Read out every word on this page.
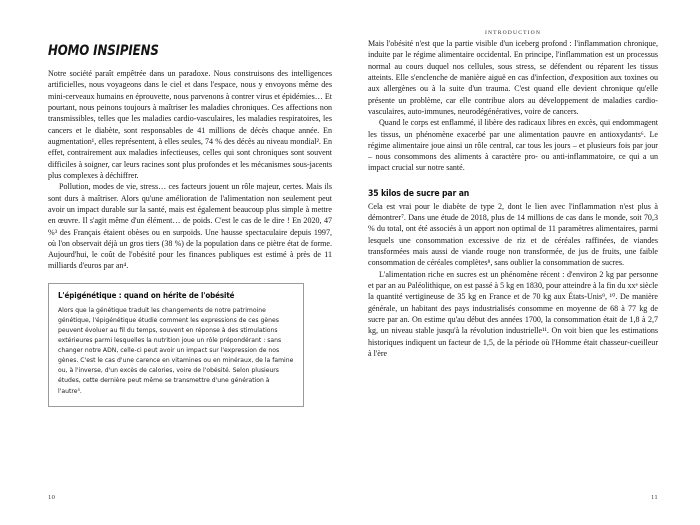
HOMO INSIPIENS

Notre société paraît empêtrée dans un paradoxe. Nous construisons des intelligences artificielles, nous voyageons dans le ciel et dans l'espace, nous y envoyons même des mini-cerveaux humains en éprouvette, nous parvenons à contrer virus et épidémies… Et pourtant, nous peinons toujours à maîtriser les maladies chroniques. Ces affections non transmissibles, telles que les maladies cardio-vasculaires, les maladies respiratoires, les cancers et le diabète, sont responsables de 41 millions de décès chaque année. En augmentation¹, elles représentent, à elles seules, 74 % des décès au niveau mondial². En effet, contrairement aux maladies infectieuses, celles qui sont chroniques sont souvent difficiles à soigner, car leurs racines sont plus profondes et les mécanismes sous-jacents plus complexes à déchiffrer.

Pollution, modes de vie, stress… ces facteurs jouent un rôle majeur, certes. Mais ils sont durs à maîtriser. Alors qu'une amélioration de l'alimentation non seulement peut avoir un impact durable sur la santé, mais est également beaucoup plus simple à mettre en œuvre. Il s'agit même d'un élément… de poids. C'est le cas de le dire ! En 2020, 47 %³ des Français étaient obèses ou en surpoids. Une hausse spectaculaire depuis 1997, où l'on observait déjà un gros tiers (38 %) de la population dans ce piètre état de forme. Aujourd'hui, le coût de l'obésité pour les finances publiques est estimé à près de 11 milliards d'euros par an⁴.

L'épigénétique : quand on hérite de l'obésité

Alors que la génétique traduit les changements de notre patrimoine génétique, l'épigénétique étudie comment les expressions de ces gènes peuvent évoluer au fil du temps, souvent en réponse à des stimulations extérieures parmi lesquelles la nutrition joue un rôle prépondérant : sans changer notre ADN, celle-ci peut avoir un impact sur l'expression de nos gènes. C'est le cas d'une carence en vitamines ou en minéraux, de la famine ou, à l'inverse, d'un excès de calories, voire de l'obésité. Selon plusieurs études, cette dernière peut même se transmettre d'une génération à l'autre⁵.

10
INTRODUCTION

Mais l'obésité n'est que la partie visible d'un iceberg profond : l'inflammation chronique, induite par le régime alimentaire occidental. En principe, l'inflammation est un processus normal au cours duquel nos cellules, sous stress, se défendent ou réparent les tissus atteints. Elle s'enclenche de manière aiguë en cas d'infection, d'exposition aux toxines ou aux allergènes ou à la suite d'un trauma. C'est quand elle devient chronique qu'elle présente un problème, car elle contribue alors au développement de maladies cardio-vasculaires, auto-immunes, neurodégénératives, voire de cancers.

Quand le corps est enflammé, il libère des radicaux libres en excès, qui endommagent les tissus, un phénomène exacerbé par une alimentation pauvre en antioxydants⁶. Le régime alimentaire joue ainsi un rôle central, car tous les jours – et plusieurs fois par jour – nous consommons des aliments à caractère pro- ou anti-inflammatoire, ce qui a un impact crucial sur notre santé.

35 kilos de sucre par an

Cela est vrai pour le diabète de type 2, dont le lien avec l'inflammation n'est plus à démontrer⁷. Dans une étude de 2018, plus de 14 millions de cas dans le monde, soit 70,3 % du total, ont été associés à un apport non optimal de 11 paramètres alimentaires, parmi lesquels une consommation excessive de riz et de céréales raffinées, de viandes transformées mais aussi de viande rouge non transformée, de jus de fruits, une faible consommation de céréales complètes⁸, sans oublier la consommation de sucres.

L'alimentation riche en sucres est un phénomène récent : d'environ 2 kg par personne et par an au Paléolithique, on est passé à 5 kg en 1830, pour atteindre à la fin du xxᵉ siècle la quantité vertigineuse de 35 kg en France et de 70 kg aux États-Unis⁹, ¹⁰. De manière générale, un habitant des pays industrialisés consomme en moyenne de 68 à 77 kg de sucre par an. On estime qu'au début des années 1700, la consommation était de 1,8 à 2,7 kg, un niveau stable jusqu'à la révolution industrielle¹¹. On voit bien que les estimations historiques indiquent un facteur de 1,5, de la période où l'Homme était chasseur-cueilleur à l'ère

11
